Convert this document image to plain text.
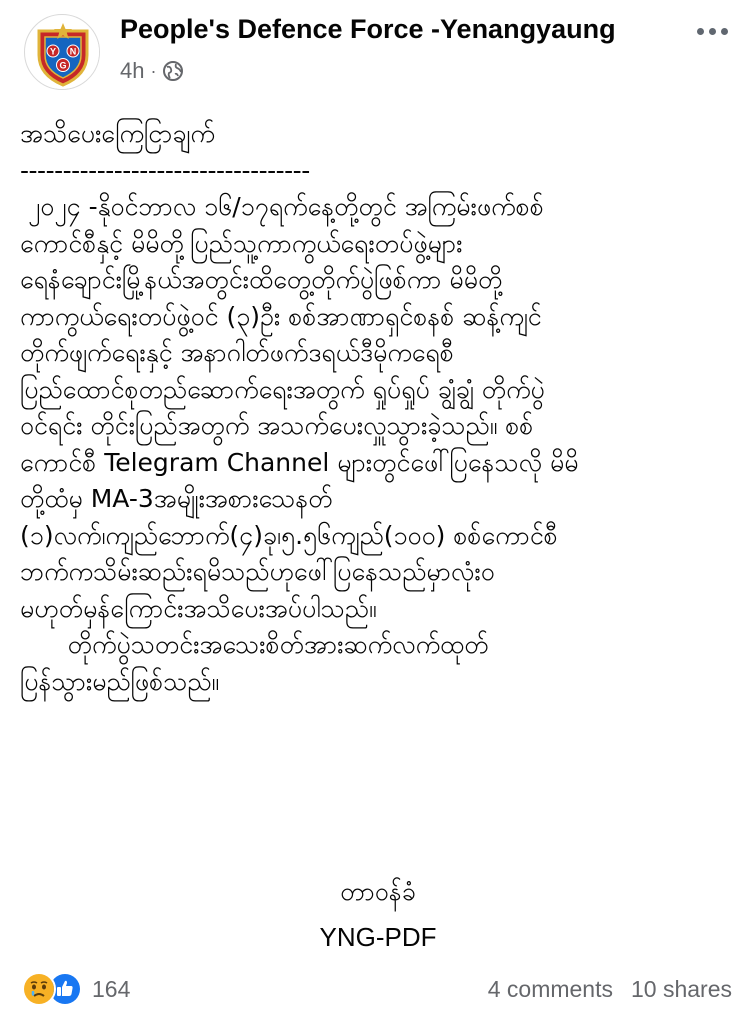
Y N
G
People's Defence Force -Yenangyaung
4h ·

အသိပေးကြေငြာချက်

----------------------------------

၂၀၂၄ -နိုဝင်ဘာလ ၁၆/၁၇ရက်နေ့တို့တွင် အကြမ်းဖက်စစ်

ကောင်စီနှင့် မိမိတို့ပြည်သူ့ကာကွယ်ရေးတပ်ဖွဲ့များ

ရေနံချောင်းမြို့နယ်အတွင်းထိတွေ့တိုက်ပွဲဖြစ်ကာ မိမိတို့

ကာကွယ်ရေးတပ်ဖွဲ့ဝင် (၃)ဦး စစ်အာဏာရှင်စနစ် ဆန့်ကျင်

တိုက်ဖျက်ရေးနှင့် အနာဂါတ်ဖက်ဒရယ်ဒီမိုကရေစီ

ပြည်ထောင်စုတည်ဆောက်ရေးအတွက် ရှုပ်ရှုပ် ချွံချွံ တိုက်ပွဲ

ဝင်ရင်း တိုင်းပြည်အတွက် အသက်ပေးလှူသွားခဲ့သည်။ စစ်

ကောင်စီ Telegram Channel များတွင်ဖေါ်ပြနေသလို မိမိ

တို့ထံမှ MA-3အမျိုးအစားသေနတ်

(၁)လက်၊ကျည်ဘောက်(၄)ခု၊၅.၅၆ကျည်(၁၀၀) စစ်ကောင်စီ

ဘက်ကသိမ်းဆည်းရမိသည်ဟုဖေါ်ပြနေသည်မှာလုံးဝ

မဟုတ်မှန်ကြောင်းအသိပေးအပ်ပါသည်။

တိုက်ပွဲသတင်းအသေးစိတ်အားဆက်လက်ထုတ်

ပြန်သွားမည်ဖြစ်သည်။

တာဝန်ခံ
YNG-PDF
164	4 comments 10 shares
